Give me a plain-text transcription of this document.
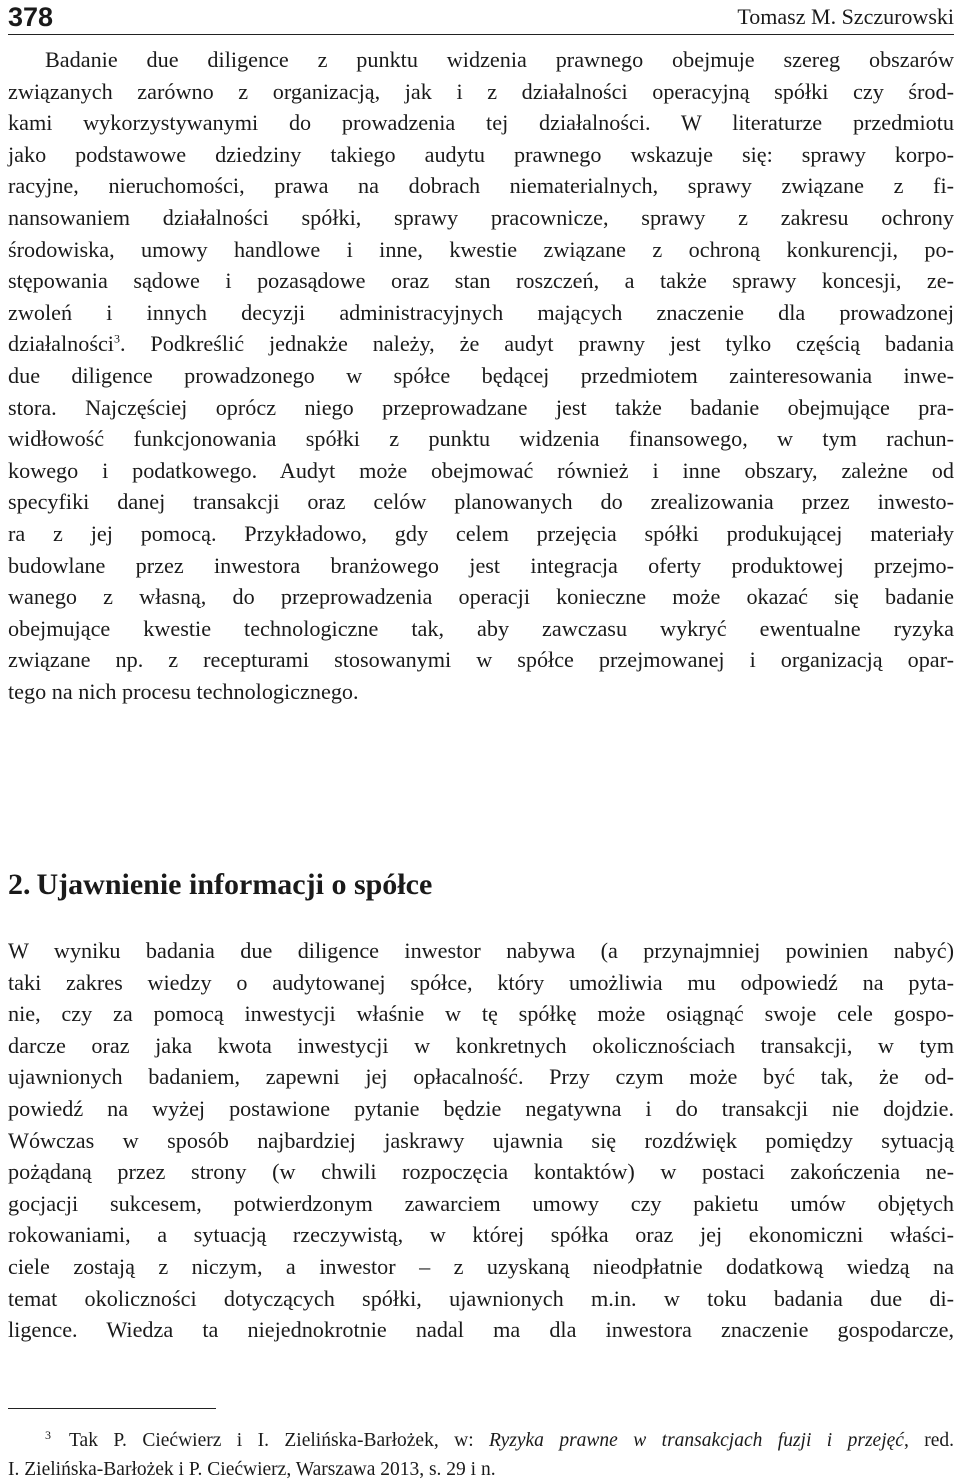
378	Tomasz M. Szczurowski
Badanie due diligence z punktu widzenia prawnego obejmuje szereg obszarów
związanych zarówno z organizacją, jak i z działalności operacyjną spółki czy środ-
kami wykorzystywanymi do prowadzenia tej działalności. W literaturze przedmiotu
jako podstawowe dziedziny takiego audytu prawnego wskazuje się: sprawy korpo-
racyjne, nieruchomości, prawa na dobrach niematerialnych, sprawy związane z fi-
nansowaniem działalności spółki, sprawy pracownicze, sprawy z zakresu ochrony
środowiska, umowy handlowe i inne, kwestie związane z ochroną konkurencji, po-
stępowania sądowe i pozasądowe oraz stan roszczeń, a także sprawy koncesji, ze-
zwoleń i innych decyzji administracyjnych mających znaczenie dla prowadzonej
działalności$^3$. Podkreślić jednakże należy, że audyt prawny jest tylko częścią badania
due diligence prowadzonego w spółce będącej przedmiotem zainteresowania inwe-
stora. Najczęściej oprócz niego przeprowadzane jest także badanie obejmujące pra-
widłowość funkcjonowania spółki z punktu widzenia finansowego, w tym rachun-
kowego i podatkowego. Audyt może obejmować również i inne obszary, zależne od
specyfiki danej transakcji oraz celów planowanych do zrealizowania przez inwesto-
ra z jej pomocą. Przykładowo, gdy celem przejęcia spółki produkującej materiały
budowlane przez inwestora branżowego jest integracja oferty produktowej przejmo-
wanego z własną, do przeprowadzenia operacji konieczne może okazać się badanie
obejmujące kwestie technologiczne tak, aby zawczasu wykryć ewentualne ryzyka
związane np. z recepturami stosowanymi w spółce przejmowanej i organizacją opar-
tego na nich procesu technologicznego.
2. Ujawnienie informacji o spółce
W wyniku badania due diligence inwestor nabywa (a przynajmniej powinien nabyć)
taki zakres wiedzy o audytowanej spółce, który umożliwia mu odpowiedź na pyta-
nie, czy za pomocą inwestycji właśnie w tę spółkę może osiągnąć swoje cele gospo-
darcze oraz jaka kwota inwestycji w konkretnych okolicznościach transakcji, w tym
ujawnionych badaniem, zapewni jej opłacalność. Przy czym może być tak, że od-
powiedź na wyżej postawione pytanie będzie negatywna i do transakcji nie dojdzie.
Wówczas w sposób najbardziej jaskrawy ujawnia się rozdźwięk pomiędzy sytuacją
pożądaną przez strony (w chwili rozpoczęcia kontaktów) w postaci zakończenia ne-
gocjacji sukcesem, potwierdzonym zawarciem umowy czy pakietu umów objętych
rokowaniami, a sytuacją rzeczywistą, w której spółka oraz jej ekonomiczni właści-
ciele zostają z niczym, a inwestor – z uzyskaną nieodpłatnie dodatkową wiedzą na
temat okoliczności dotyczących spółki, ujawnionych m.in. w toku badania due di-
ligence. Wiedza ta niejednokrotnie nadal ma dla inwestora znaczenie gospodarcze,
$^3$ Tak P. Ciećwierz i I. Zielińska-Barłożek, w: Ryzyka prawne w transakcjach fuzji i przejęć, red.
I. Zielińska-Barłożek i P. Ciećwierz, Warszawa 2013, s. 29 i n.
